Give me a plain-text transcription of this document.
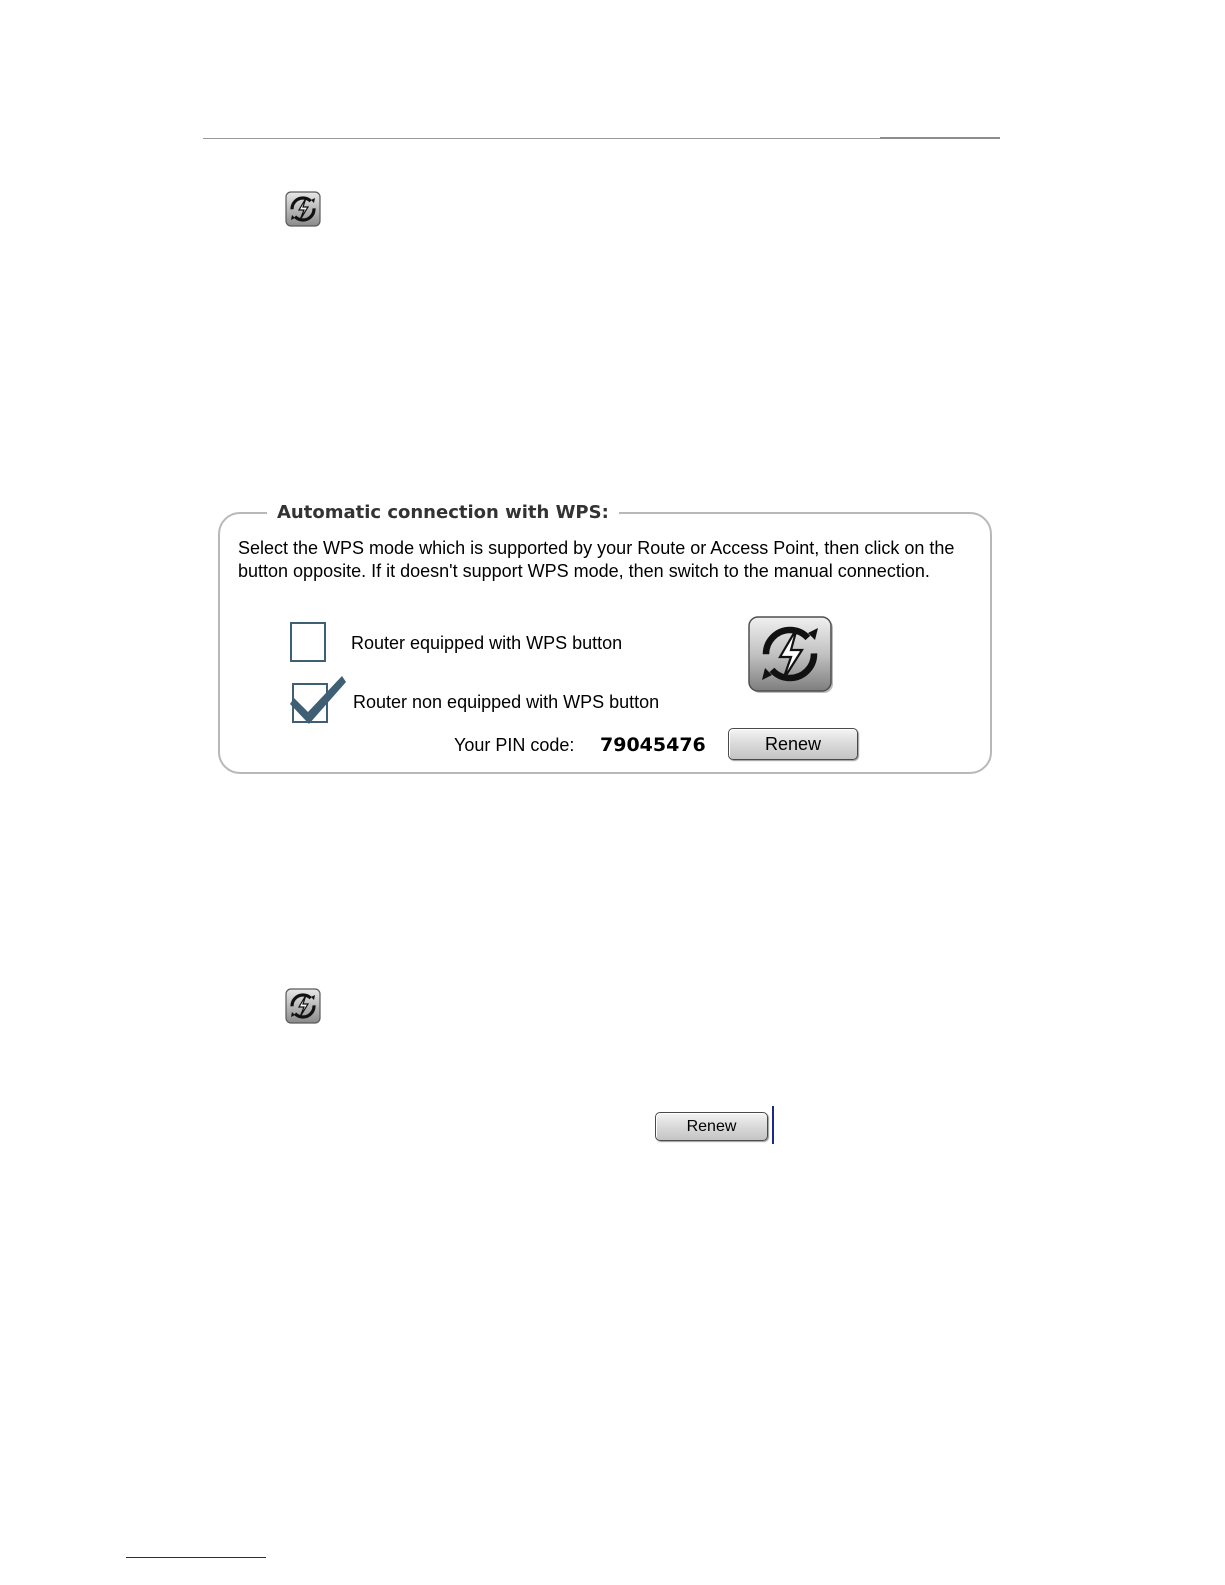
Automatic connection with WPS:
Select the WPS mode which is supported by your Route or Access Point, then click on the button opposite. If it doesn't support WPS mode, then switch to the manual connection.
Router equipped with WPS button
Router non equipped with WPS button
Your PIN code: 79045476	Renew
Renew
